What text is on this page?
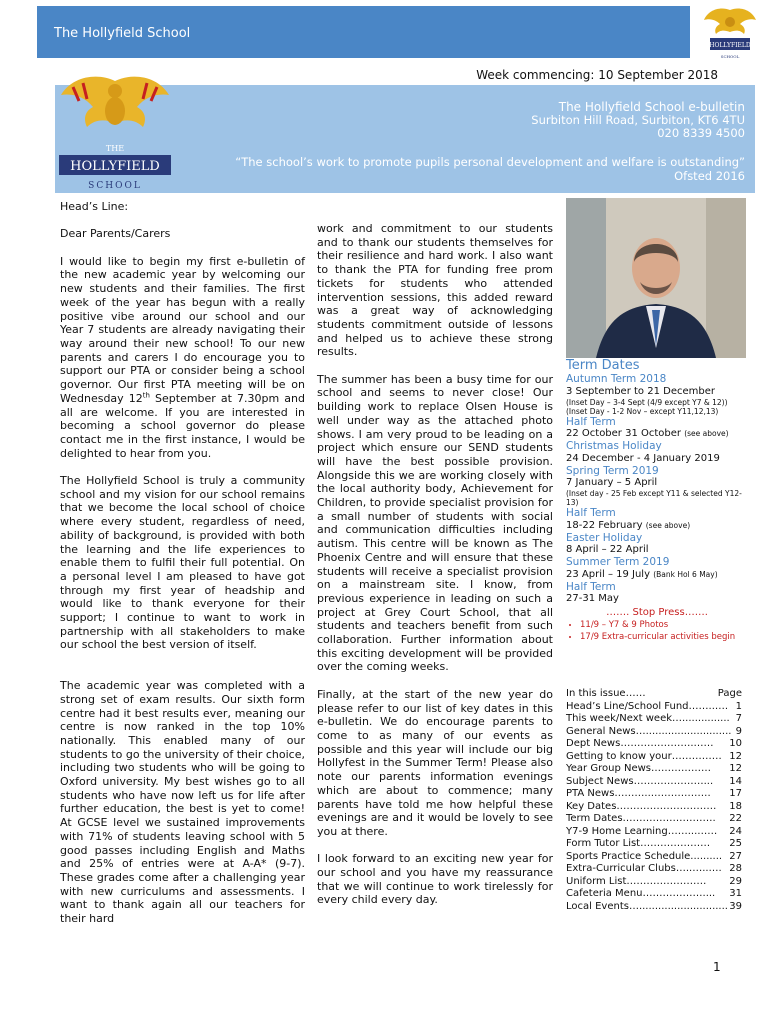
The Hollyfield School
HOLLYFIELD
SCHOOL
Week commencing: 10 September 2018
The Hollyfield School e-bulletin
Surbiton Hill Road, Surbiton, KT6 4TU
020 8339 4500
“The school’s work to promote pupils personal development and welfare is outstanding”
Ofsted 2016
THE
HOLLYFIELD
SCHOOL
Head’s Line:

Dear Parents/Carers

I would like to begin my first e-bulletin of the new academic year by welcoming our new students and their families. The first week of the year has begun with a really positive vibe around our school and our Year 7 students are already navigating their way around their new school! To our new parents and carers I do encourage you to support our PTA or consider being a school governor. Our first PTA meeting will be on Wednesday 12th September at 7.30pm and all are welcome. If you are interested in becoming a school governor do please contact me in the first instance, I would be delighted to hear from you.

The Hollyfield School is truly a community school and my vision for our school remains that we become the local school of choice where every student, regardless of need, ability of background, is provided with both the learning and the life experiences to enable them to fulfil their full potential. On a personal level I am pleased to have got through my first year of headship and would like to thank everyone for their support; I continue to want to work in partnership with all stakeholders to make our school the best version of itself.

The academic year was completed with a strong set of exam results. Our sixth form centre had it best results ever, meaning our centre is now ranked in the top 10% nationally. This enabled many of our students to go the university of their choice, including two students who will be going to Oxford university. My best wishes go to all students who have now left us for life after further education, the best is yet to come! At GCSE level we sustained improvements with 71% of students leaving school with 5 good passes including English and Maths and 25% of entries were at A-A* (9-7). These grades come after a challenging year with new curriculums and assessments. I want to thank again all our teachers for their hard

work and commitment to our students and to thank our students themselves for their resilience and hard work. I also want to thank the PTA for funding free prom tickets for students who attended intervention sessions, this added reward was a great way of acknowledging students commitment outside of lessons and helped us to achieve these strong results.

The summer has been a busy time for our school and seems to never close! Our building work to replace Olsen House is well under way as the attached photo shows. I am very proud to be leading on a project which ensure our SEND students will have the best possible provision. Alongside this we are working closely with the local authority body, Achievement for Children, to provide specialist provision for a small number of students with social and communication difficulties including autism. This centre will be known as The Phoenix Centre and will ensure that these students will receive a specialist provision on a mainstream site. I know, from previous experience in leading on such a project at Grey Court School, that all students and teachers benefit from such collaboration. Further information about this exciting development will be provided over the coming weeks.

Finally, at the start of the new year do please refer to our list of key dates in this e-bulletin. We do encourage parents to come to as many of our events as possible and this year will include our big Hollyfest in the Summer Term! Please also note our parents information evenings which are about to commence; many parents have told me how helpful these evenings are and it would be lovely to see you at there.

I look forward to an exciting new year for our school and you have my reassurance that we will continue to work tirelessly for every child every day.

Term Dates
Autumn Term 2018
3 September to 21 December
(Inset Day – 3-4 Sept (4/9 except Y7 & 12))
(Inset Day - 1-2 Nov – except Y11,12,13)
Half Term
22 October 31 October (see above)
Christmas Holiday
24 December - 4 January 2019
Spring Term 2019
7 January – 5 April
(Inset day - 25 Feb except Y11 & selected Y12-13)
Half Term
18-22 February (see above)
Easter Holiday
8 April – 22 April
Summer Term 2019
23 April – 19 July (Bank Hol 6 May)
Half Term
27-31 May
……. Stop Press…….
• 11/9 – Y7 & 9 Photos
• 17/9 Extra-curricular activities begin
In this issue……	Page
Head’s Line/School Fund……..…. 1
This week/Next week…............... 7
General News…........................... 9
Dept News………………….…… 10
Getting to know your…………… 12
Year Group News……………… 12
Subject News…………………... 14
PTA News………..……………… 17
Key Dates………………………… 18
Term Dates………………………. 22
Y7-9 Home Learning……...…… 24
Form Tutor List………………… 25
Sports Practice Schedule.......... 27
Extra-Curricular Clubs…..…..…. 28
Uniform List…………………… 29
Cafeteria Menu……………….... 31
Local Events…............................ 39
1
